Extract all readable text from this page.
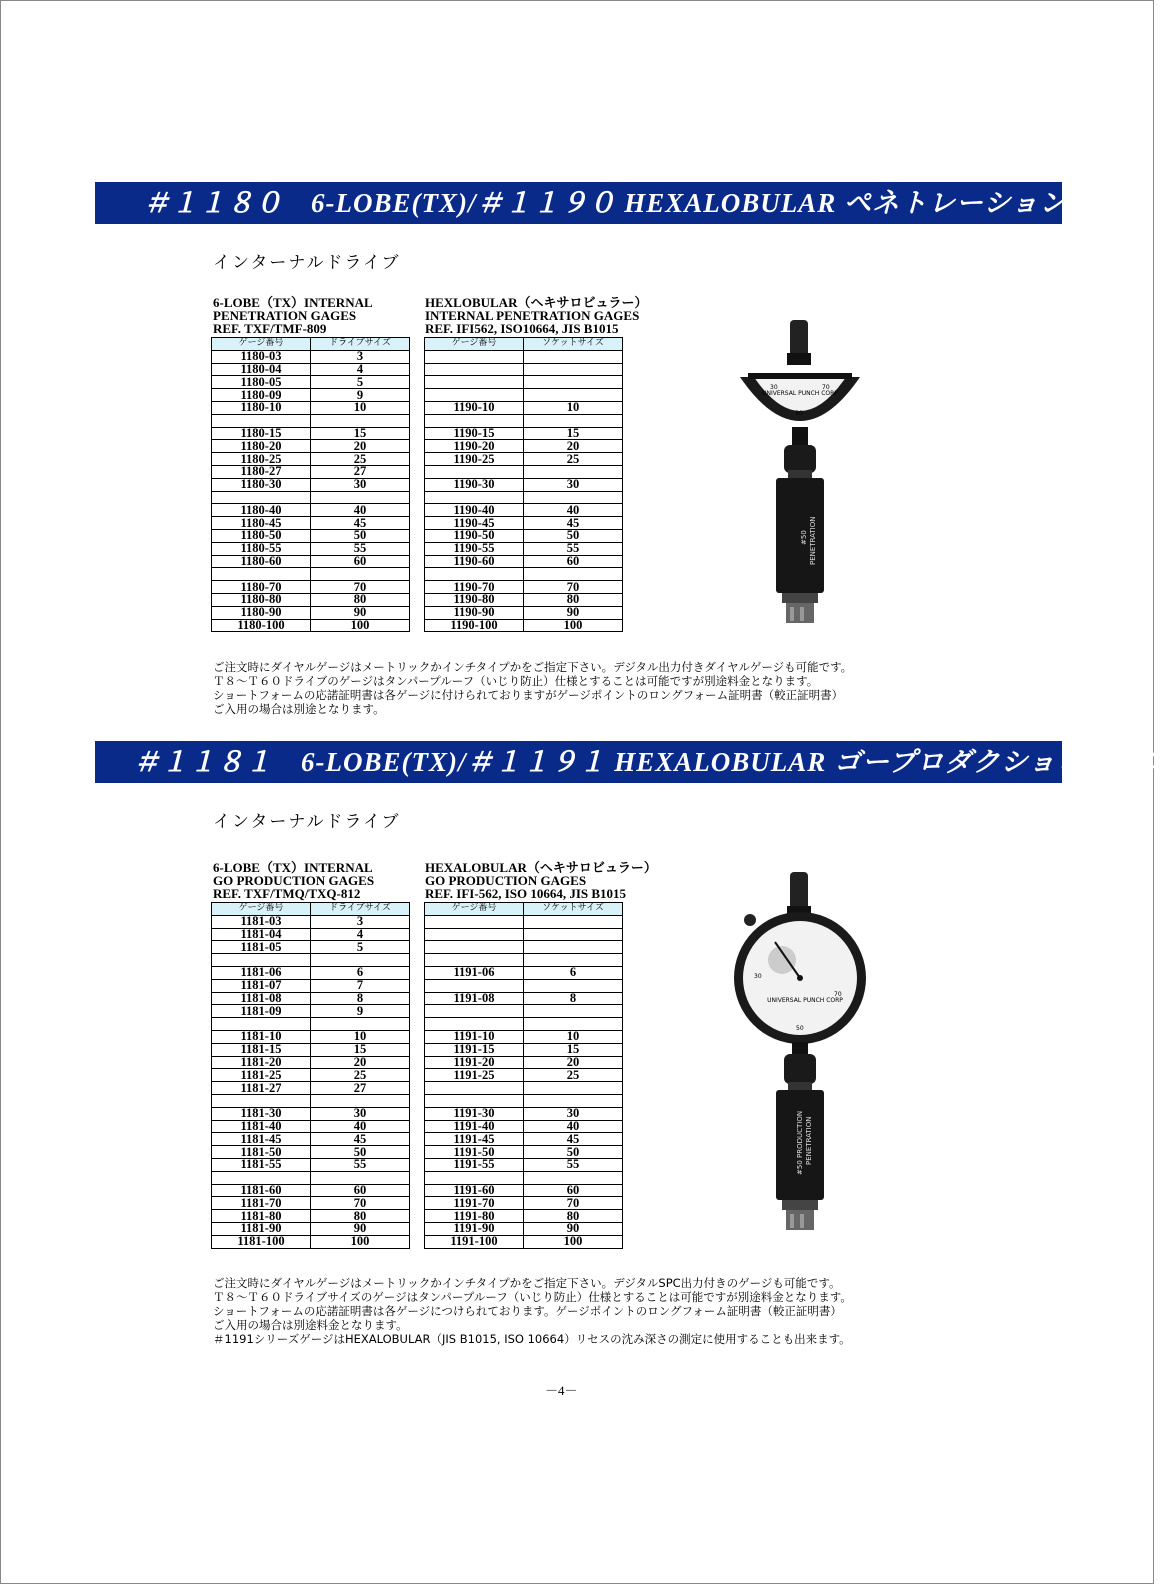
＃１１８０　6-LOBE(TX)/＃１１９０ HEXALOBULAR ペネトレーションゲージ
インターナルドライブ
6-LOBE（TX）INTERNAL
PENETRATION GAGES
REF. TXF/TMF-809
HEXLOBULAR（ヘキサロビュラー）
INTERNAL PENETRATION GAGES
REF. IFI562, ISO10664, JIS B1015
ゲージ番号	ドライブサイズ
1180-03	3
1180-04	4
1180-05	5
1180-09	9
1180-10	10

1180-15	15
1180-20	20
1180-25	25
1180-27	27
1180-30	30

1180-40	40
1180-45	45
1180-50	50
1180-55	55
1180-60	60

1180-70	70
1180-80	80
1180-90	90
1180-100	100
ゲージ番号	ソケットサイズ

1190-10	10

1190-15	15
1190-20	20
1190-25	25

1190-30	30

1190-40	40
1190-45	45
1190-50	50
1190-55	55
1190-60	60

1190-70	70
1190-80	80
1190-90	90
1190-100	100

ご注文時にダイヤルゲージはメートリックかインチタイプかをご指定下さい。デジタル出力付きダイヤルゲージも可能です。

Ｔ８～Ｔ６０ドライブのゲージはタンパープルーフ（いじり防止）仕様とすることは可能ですが別途料金となります。

ショートフォームの応諾証明書は各ゲージに付けられておりますがゲージポイントのロングフォーム証明書（較正証明書）

ご入用の場合は別途となります。

UNIVERSAL PUNCH CORP
30	70
50
#50 PENETRATION
＃１１８１　6-LOBE(TX)/＃１１９１ HEXALOBULAR ゴープロダクションゲージ
インターナルドライブ
6-LOBE（TX）INTERNAL
GO PRODUCTION GAGES
REF. TXF/TMQ/TXQ-812
HEXALOBULAR（ヘキサロビュラー）
GO PRODUCTION GAGES
REF. IFI-562, ISO 10664, JIS B1015
ゲージ番号	ドライブサイズ
1181-03	3
1181-04	4
1181-05	5

1181-06	6
1181-07	7
1181-08	8
1181-09	9

1181-10	10
1181-15	15
1181-20	20
1181-25	25
1181-27	27

1181-30	30
1181-40	40
1181-45	45
1181-50	50
1181-55	55

1181-60	60
1181-70	70
1181-80	80
1181-90	90
1181-100	100
ゲージ番号	ソケットサイズ

1191-06	6

1191-08	8

1191-10	10
1191-15	15
1191-20	20
1191-25	25

1191-30	30
1191-40	40
1191-45	45
1191-50	50
1191-55	55

1191-60	60
1191-70	70
1191-80	80
1191-90	90
1191-100	100

ご注文時にダイヤルゲージはメートリックかインチタイプかをご指定下さい。デジタルSPC出力付きのゲージも可能です。

Ｔ８～Ｔ６０ドライブサイズのゲージはタンパープルーフ（いじり防止）仕様とすることは可能ですが別途料金となります。

ショートフォームの応諾証明書は各ゲージにつけられております。ゲージポイントのロングフォーム証明書（較正証明書）

ご入用の場合は別途料金となります。

＃1191シリーズゲージはHEXALOBULAR（JIS B1015, ISO 10664）リセスの沈み深さの測定に使用することも出来ます。

UNIVERSAL PUNCH CORP
30
70
50
#50 PRODUCTION PENETRATION
－4－
